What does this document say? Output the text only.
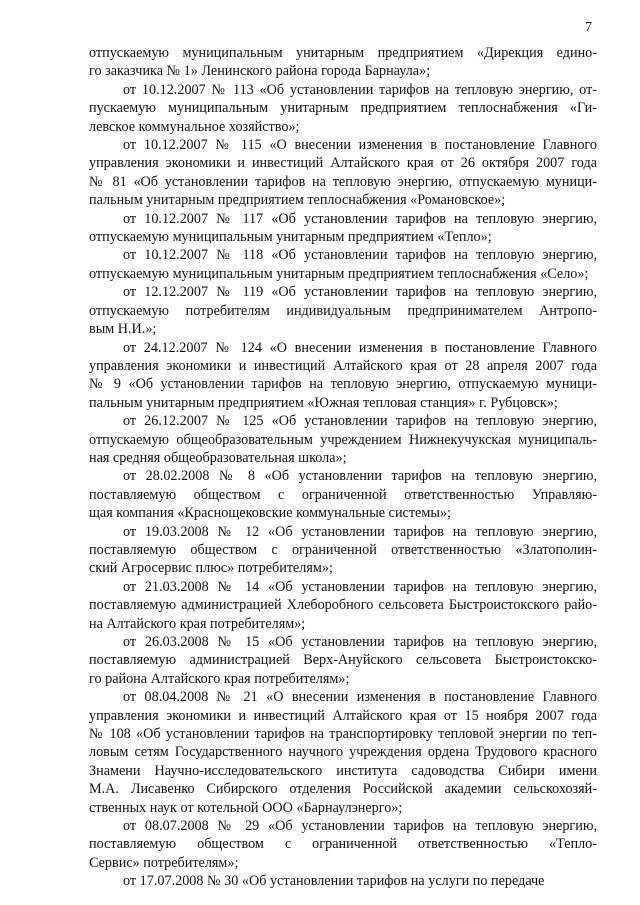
7

отпускаемую муниципальным унитарным предприятием «Дирекция едино-
го заказчика № 1» Ленинского района города Барнаула»;

от 10.12.2007 № 113 «Об установлении тарифов на тепловую энергию, от-
пускаемую муниципальным унитарным предприятием теплоснабжения «Ги-
левское коммунальное хозяйство»;

от 10.12.2007 № 115 «О внесении изменения в постановление Главного
управления экономики и инвестиций Алтайского края от 26 октября 2007 года
№ 81 «Об установлении тарифов на тепловую энергию, отпускаемую муници-
пальным унитарным предприятием теплоснабжения «Романовское»;

от 10.12.2007 № 117 «Об установлении тарифов на тепловую энергию,
отпускаемую муниципальным унитарным предприятием «Тепло»;

от 10.12.2007 № 118 «Об установлении тарифов на тепловую энергию,
отпускаемую муниципальным унитарным предприятием теплоснабжения «Село»;

от 12.12.2007 № 119 «Об установлении тарифов на тепловую энергию,
отпускаемую потребителям индивидуальным предпринимателем Антропо-
вым Н.И.»;

от 24.12.2007 № 124 «О внесении изменения в постановление Главного
управления экономики и инвестиций Алтайского края от 28 апреля 2007 года
№ 9 «Об установлении тарифов на тепловую энергию, отпускаемую муници-
пальным унитарным предприятием «Южная тепловая станция» г. Рубцовск»;

от 26.12.2007 № 125 «Об установлении тарифов на тепловую энергию,
отпускаемую общеобразовательным учреждением Нижнекучукская муниципаль-
ная средняя общеобразовательная школа»;

от 28.02.2008 № 8 «Об установлении тарифов на тепловую энергию,
поставляемую обществом с ограниченной ответственностью Управляю-
щая компания «Краснощековские коммунальные системы»;

от 19.03.2008 № 12 «Об установлении тарифов на тепловую энергию,
поставляемую обществом с ограниченной ответственностью «Златополин-
ский Агросервис плюс» потребителям»;

от 21.03.2008 № 14 «Об установлении тарифов на тепловую энергию,
поставляемую администрацией Хлеборобного сельсовета Быстроистокского райо-
на Алтайского края потребителям»;

от 26.03.2008 № 15 «Об установлении тарифов на тепловую энергию,
поставляемую администрацией Верх-Ануйского сельсовета Быстроистокско-
го района Алтайского края потребителям»;

от 08.04.2008 № 21 «О внесении изменения в постановление Главного
управления экономики и инвестиций Алтайского края от 15 ноября 2007 года
№ 108 «Об установлении тарифов на транспортировку тепловой энергии по теп-
ловым сетям Государственного научного учреждения ордена Трудового красного
Знамени Научно-исследовательского института садоводства Сибири имени
М.А. Лисавенко Сибирского отделения Российской академии сельскохозяй-
ственных наук от котельной ООО «Барнаулэнерго»;

от 08.07.2008 № 29 «Об установлении тарифов на тепловую энергию,
поставляемую обществом с ограниченной ответственностью «Тепло-
Сервис» потребителям»;

от 17.07.2008 № 30 «Об установлении тарифов на услуги по передаче
